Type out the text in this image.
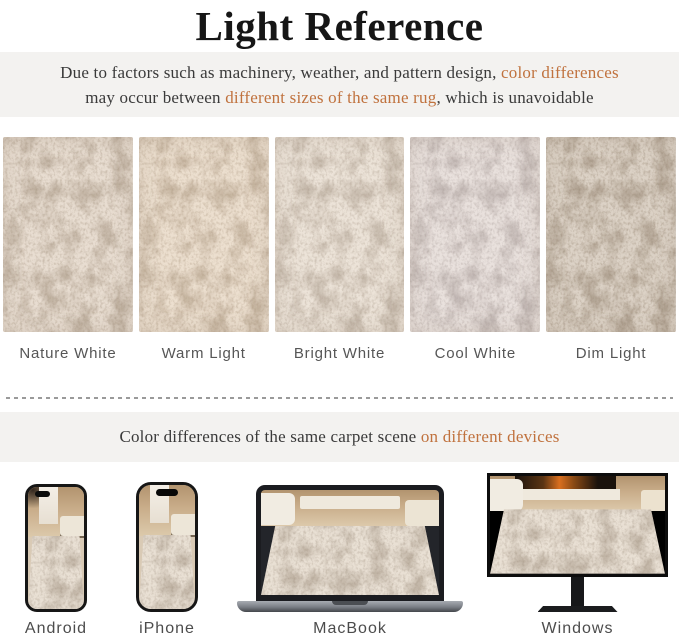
Light Reference
Due to factors such as machinery, weather, and pattern design, color differences
may occur between different sizes of the same rug, which is unavoidable
Nature White	Warm Light	Bright White	Cool White	Dim Light
Color differences of the same carpet scene on different devices
Android	iPhone	MacBook	Windows
